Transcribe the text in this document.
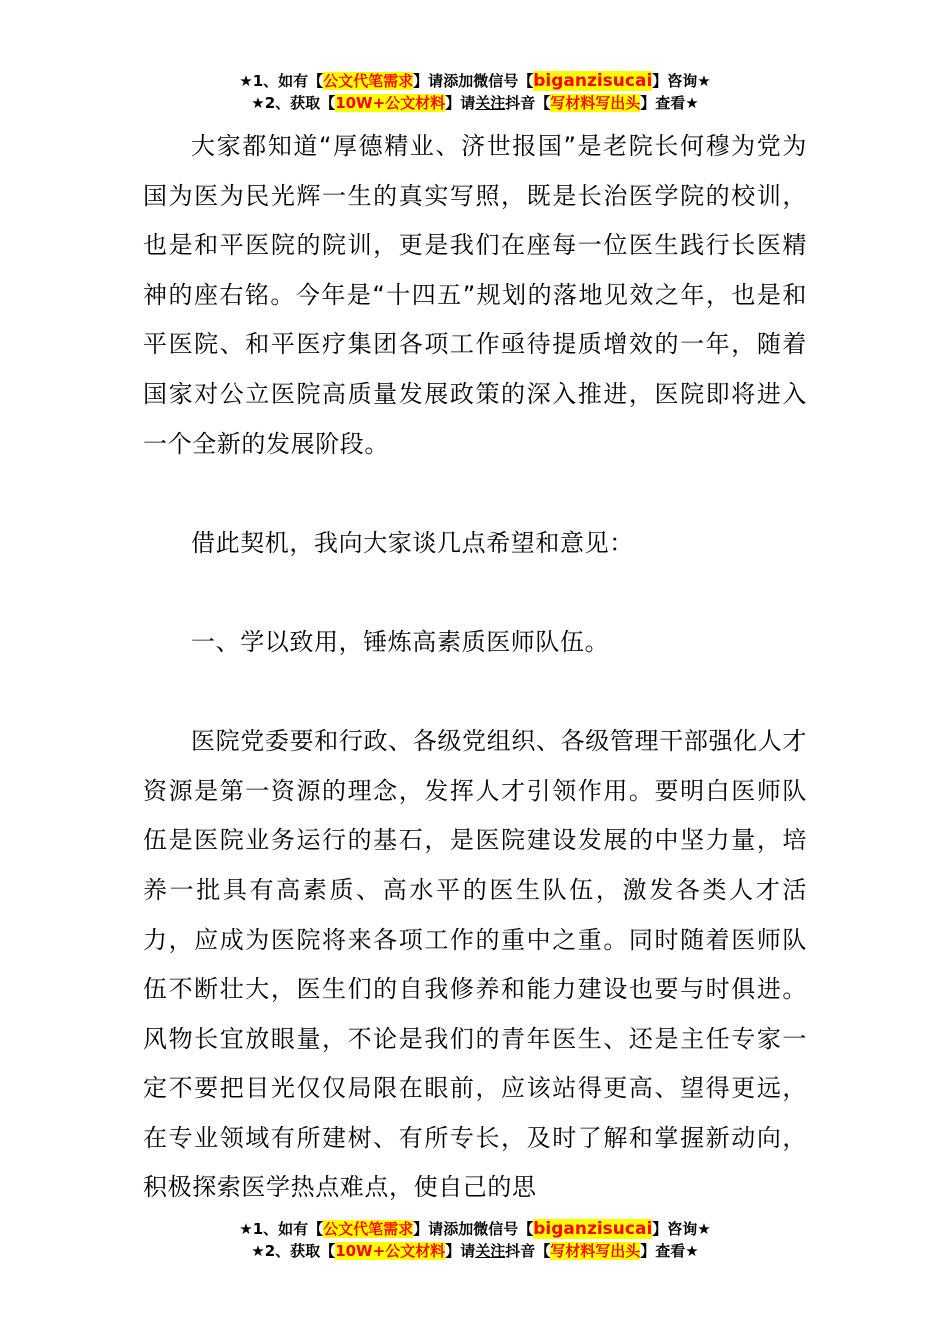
★1、如有【公文代笔需求】请添加微信号【biganzisucai】咨询★
★2、获取【10W+公文材料】请关注抖音【写材料写出头】查看★

大家都知道“厚德精业、济世报国”是老院长何穆为党为国为医为民光辉一生的真实写照，既是长治医学院的校训，也是和平医院的院训，更是我们在座每一位医生践行长医精神的座右铭。今年是“十四五”规划的落地见效之年，也是和平医院、和平医疗集团各项工作亟待提质增效的一年，随着国家对公立医院高质量发展政策的深入推进，医院即将进入一个全新的发展阶段。

借此契机，我向大家谈几点希望和意见：

一、学以致用，锤炼高素质医师队伍。

医院党委要和行政、各级党组织、各级管理干部强化人才资源是第一资源的理念，发挥人才引领作用。要明白医师队伍是医院业务运行的基石，是医院建设发展的中坚力量，培养一批具有高素质、高水平的医生队伍，激发各类人才活力，应成为医院将来各项工作的重中之重。同时随着医师队伍不断壮大，医生们的自我修养和能力建设也要与时俱进。风物长宜放眼量，不论是我们的青年医生、还是主任专家一定不要把目光仅仅局限在眼前，应该站得更高、望得更远，在专业领域有所建树、有所专长，及时了解和掌握新动向，积极探索医学热点难点，使自己的思

★1、如有【公文代笔需求】请添加微信号【biganzisucai】咨询★
★2、获取【10W+公文材料】请关注抖音【写材料写出头】查看★
